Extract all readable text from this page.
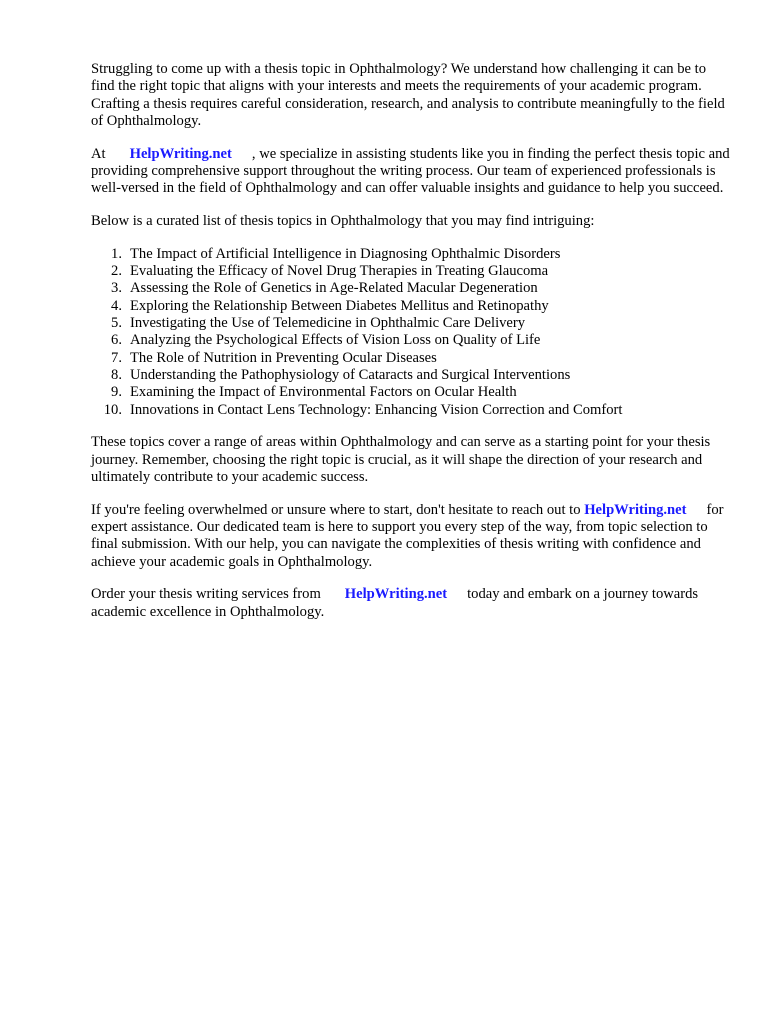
Struggling to come up with a thesis topic in Ophthalmology? We understand how challenging it can be to find the right topic that aligns with your interests and meets the requirements of your academic program. Crafting a thesis requires careful consideration, research, and analysis to contribute meaningfully to the field of Ophthalmology.

At HelpWriting.net , we specialize in assisting students like you in finding the perfect thesis topic and providing comprehensive support throughout the writing process. Our team of experienced professionals is well-versed in the field of Ophthalmology and can offer valuable insights and guidance to help you succeed.

Below is a curated list of thesis topics in Ophthalmology that you may find intriguing:

1. The Impact of Artificial Intelligence in Diagnosing Ophthalmic Disorders
2. Evaluating the Efficacy of Novel Drug Therapies in Treating Glaucoma
3. Assessing the Role of Genetics in Age-Related Macular Degeneration
4. Exploring the Relationship Between Diabetes Mellitus and Retinopathy
5. Investigating the Use of Telemedicine in Ophthalmic Care Delivery
6. Analyzing the Psychological Effects of Vision Loss on Quality of Life
7. The Role of Nutrition in Preventing Ocular Diseases
8. Understanding the Pathophysiology of Cataracts and Surgical Interventions
9. Examining the Impact of Environmental Factors on Ocular Health
10. Innovations in Contact Lens Technology: Enhancing Vision Correction and Comfort

These topics cover a range of areas within Ophthalmology and can serve as a starting point for your thesis journey. Remember, choosing the right topic is crucial, as it will shape the direction of your research and ultimately contribute to your academic success.

If you're feeling overwhelmed or unsure where to start, don't hesitate to reach out to HelpWriting.net for expert assistance. Our dedicated team is here to support you every step of the way, from topic selection to final submission. With our help, you can navigate the complexities of thesis writing with confidence and achieve your academic goals in Ophthalmology.

Order your thesis writing services from HelpWriting.net today and embark on a journey towards academic excellence in Ophthalmology.
